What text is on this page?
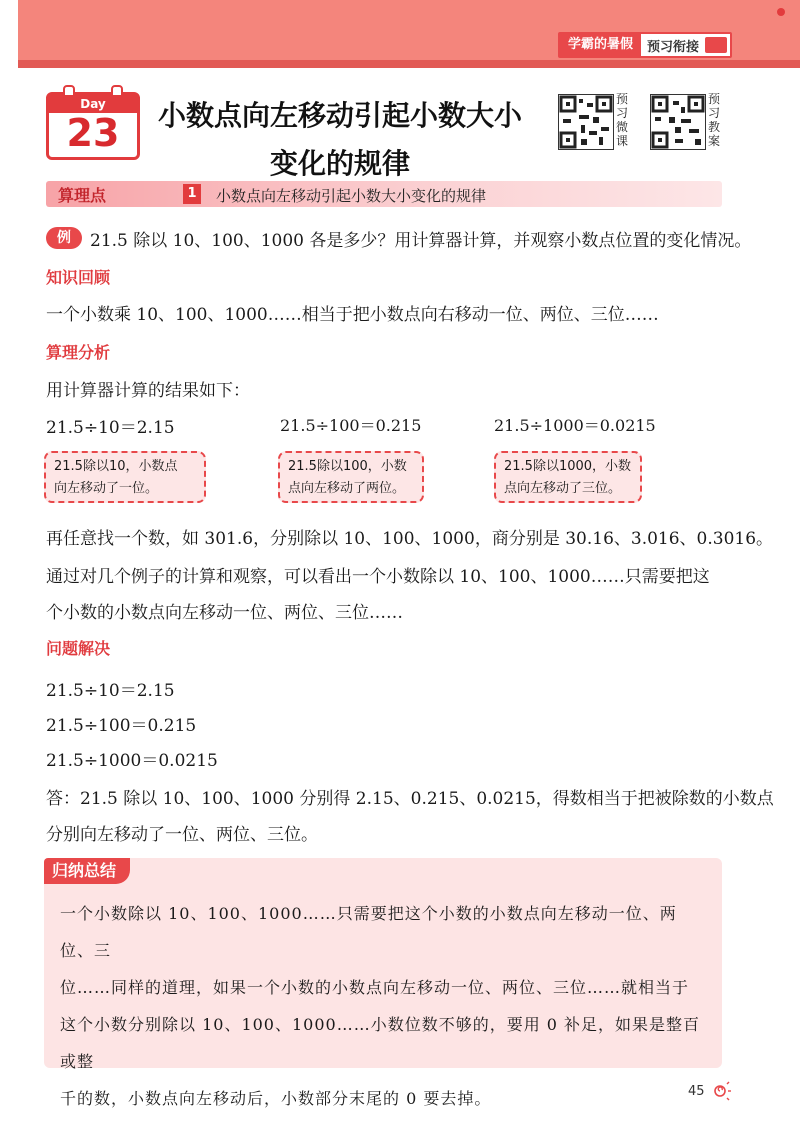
学霸的暑假	预习衔接
Day
23	小数点向左移动引起小数大小
变化的规律
预习微课
预习教案
算理点	1 小数点向左移动引起小数大小变化的规律
例	21.5 除以 10、100、1000 各是多少？用计算器计算，并观察小数点位置的变化情况。
知识回顾
一个小数乘 10、100、1000……相当于把小数点向右移动一位、两位、三位……
算理分析
用计算器计算的结果如下：
21.5÷10＝2.15	21.5÷100＝0.215	21.5÷1000＝0.0215
21.5除以10，小数点
向左移动了一位。
21.5除以100，小数
点向左移动了两位。
21.5除以1000，小数
点向左移动了三位。
再任意找一个数，如 301.6，分别除以 10、100、1000，商分别是 30.16、3.016、0.3016。
通过对几个例子的计算和观察，可以看出一个小数除以 10、100、1000……只需要把这
个小数的小数点向左移动一位、两位、三位……
问题解决
21.5÷10＝2.15
21.5÷100＝0.215
21.5÷1000＝0.0215
答：21.5 除以 10、100、1000 分别得 2.15、0.215、0.0215，得数相当于把被除数的小数点
分别向左移动了一位、两位、三位。
归纳总结
一个小数除以 10、100、1000……只需要把这个小数的小数点向左移动一位、两位、三
位……同样的道理，如果一个小数的小数点向左移动一位、两位、三位……就相当于
这个小数分别除以 10、100、1000……小数位数不够的，要用 0 补足，如果是整百或整
千的数，小数点向左移动后，小数部分末尾的 0 要去掉。	45
